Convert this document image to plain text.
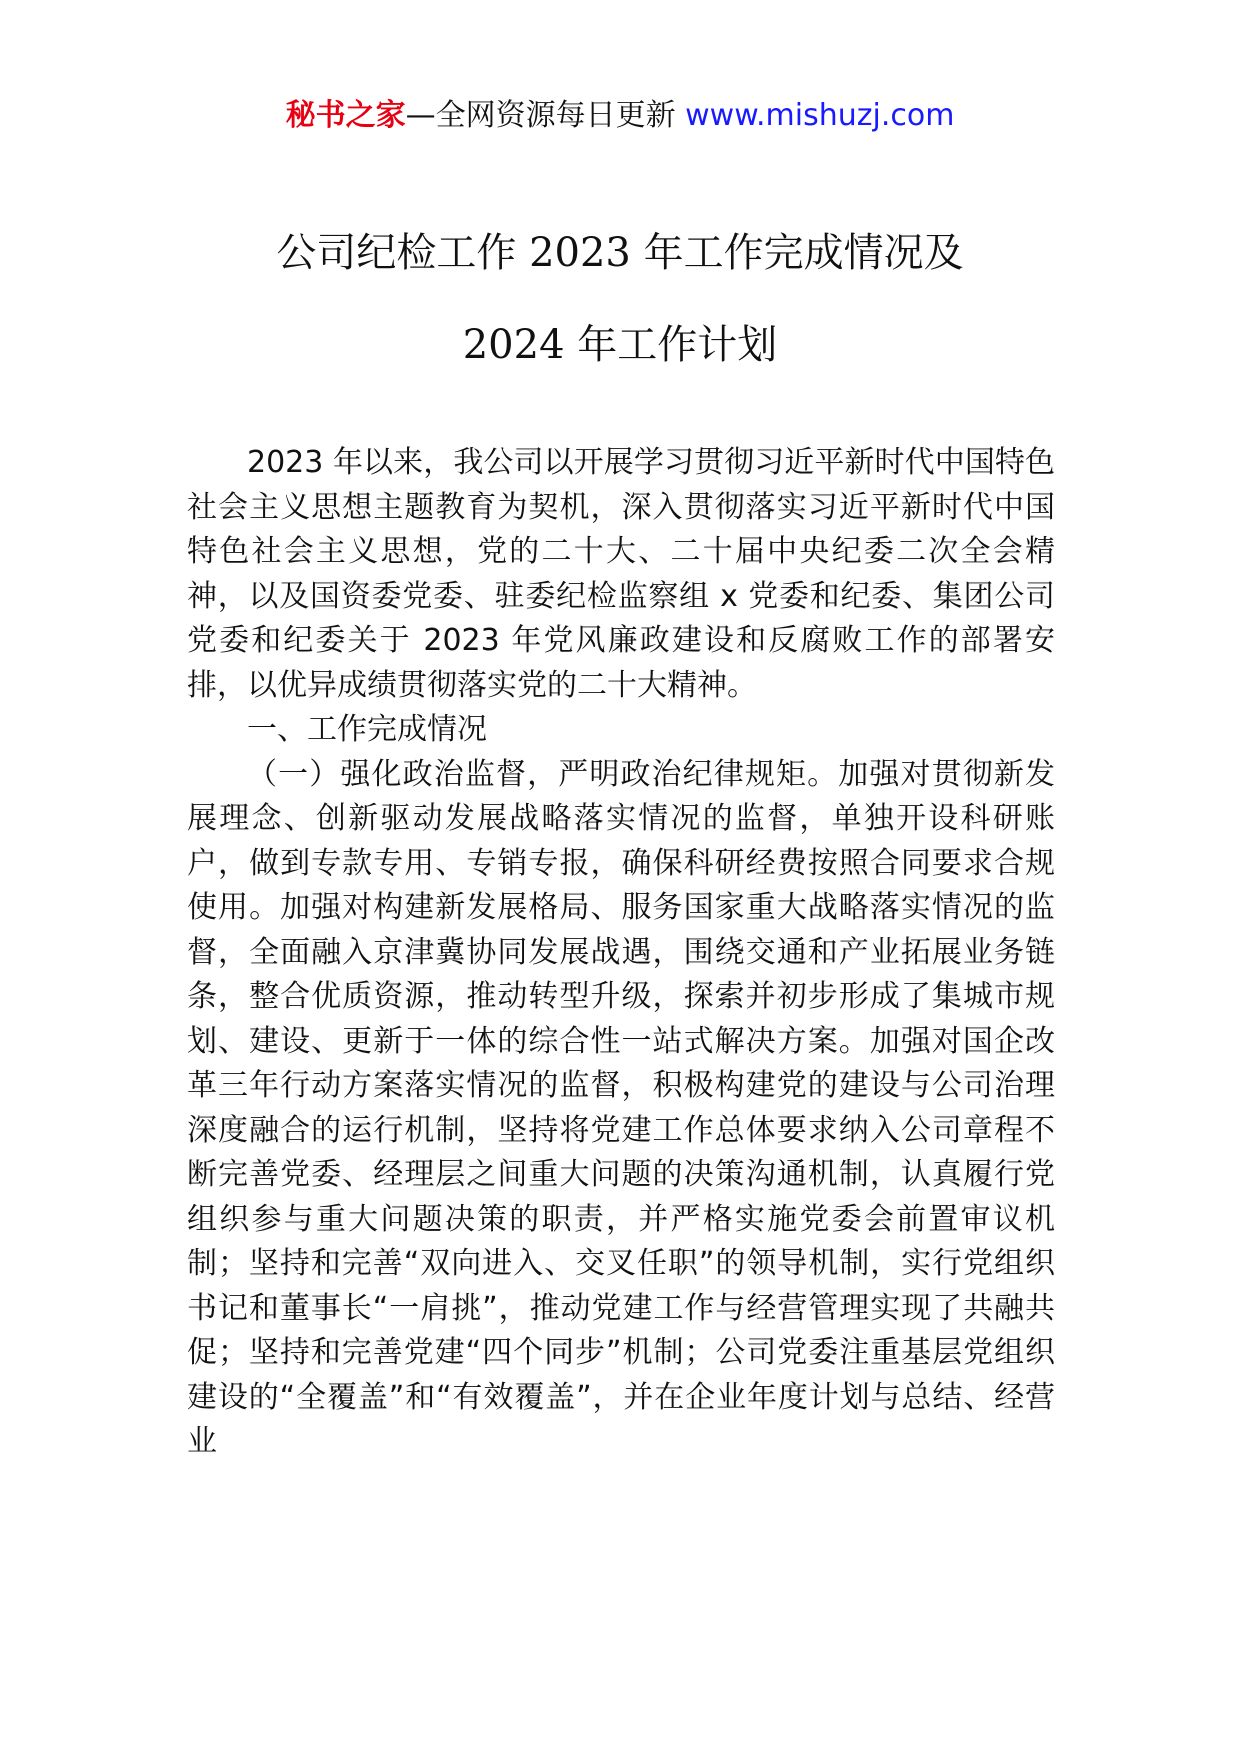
秘书之家—全网资源每日更新 www.mishuzj.com
公司纪检工作 2023 年工作完成情况及
2024 年工作计划

2023 年以来，我公司以开展学习贯彻习近平新时代中国特色社会主义思想主题教育为契机，深入贯彻落实习近平新时代中国特色社会主义思想，党的二十大、二十届中央纪委二次全会精神，以及国资委党委、驻委纪检监察组 x 党委和纪委、集团公司党委和纪委关于 2023 年党风廉政建设和反腐败工作的部署安排，以优异成绩贯彻落实党的二十大精神。

一、工作完成情况

（一）强化政治监督，严明政治纪律规矩。加强对贯彻新发展理念、创新驱动发展战略落实情况的监督，单独开设科研账户，做到专款专用、专销专报，确保科研经费按照合同要求合规使用。加强对构建新发展格局、服务国家重大战略落实情况的监督，全面融入京津冀协同发展战遇，围绕交通和产业拓展业务链条，整合优质资源，推动转型升级，探索并初步形成了集城市规划、建设、更新于一体的综合性一站式解决方案。加强对国企改革三年行动方案落实情况的监督，积极构建党的建设与公司治理深度融合的运行机制，坚持将党建工作总体要求纳入公司章程不断完善党委、经理层之间重大问题的决策沟通机制，认真履行党组织参与重大问题决策的职责，并严格实施党委会前置审议机制；坚持和完善“双向进入、交叉任职”的领导机制，实行党组织书记和董事长“一肩挑”，推动党建工作与经营管理实现了共融共促；坚持和完善党建“四个同步”机制；公司党委注重基层党组织建设的“全覆盖”和“有效覆盖”，并在企业年度计划与总结、经营业
